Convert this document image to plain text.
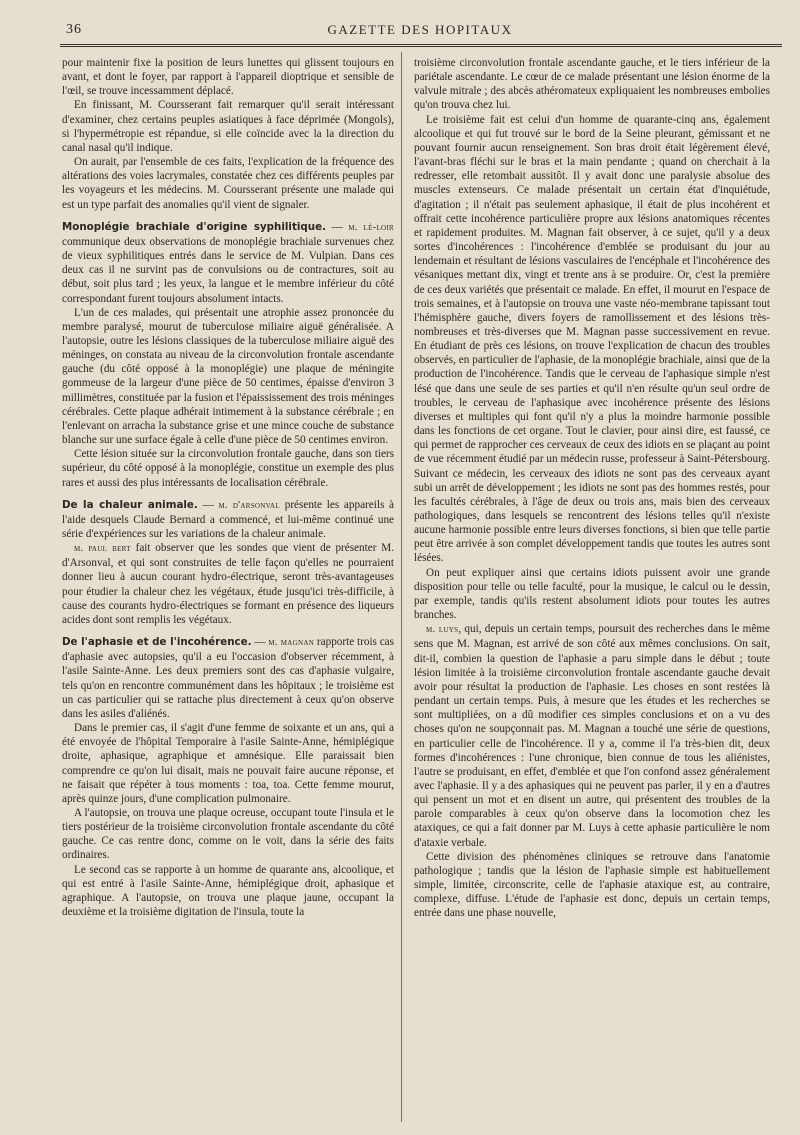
36	GAZETTE DES HOPITAUX

pour maintenir fixe la position de leurs lunettes qui glissent toujours en avant, et dont le foyer, par rapport à l'appareil dioptrique et sensible de l'œil, se trouve incessamment déplacé.

En finissant, M. Coursserant fait remarquer qu'il serait intéressant d'examiner, chez certains peuples asiatiques à face déprimée (Mongols), si l'hypermétropie est répandue, si elle coïncide avec la la direction du canal nasal qu'il indique.

On aurait, par l'ensemble de ces faits, l'explication de la fréquence des altérations des voies lacrymales, constatée chez ces différents peuples par les voyageurs et les médecins. M. Coursserant présente une malade qui est un type parfait des anomalies qu'il vient de signaler.

Monoplégie brachiale d'origine syphilitique. — m. lé-loir communique deux observations de monoplégie brachiale survenues chez de vieux syphilitiques entrés dans le service de M. Vulpian. Dans ces deux cas il ne survint pas de convulsions ou de contractures, soit au début, soit plus tard ; les yeux, la langue et le membre inférieur du côté correspondant furent toujours absolument intacts.

L'un de ces malades, qui présentait une atrophie assez prononcée du membre paralysé, mourut de tuberculose miliaire aiguë généralisée. A l'autopsie, outre les lésions classiques de la tuberculose miliaire aiguë des méninges, on constata au niveau de la circonvolution frontale ascendante gauche (du côté opposé à la monoplégie) une plaque de méningite gommeuse de la largeur d'une pièce de 50 centimes, épaisse d'environ 3 millimètres, constituée par la fusion et l'épaississement des trois méninges cérébrales. Cette plaque adhérait intimement à la substance cérébrale ; en l'enlevant on arracha la substance grise et une mince couche de substance blanche sur une surface égale à celle d'une pièce de 50 centimes environ.

Cette lésion située sur la circonvolution frontale gauche, dans son tiers supérieur, du côté opposé à la monoplégie, constitue un exemple des plus rares et aussi des plus intéressants de localisation cérébrale.

De la chaleur animale. — m. d'arsonval présente les appareils à l'aide desquels Claude Bernard a commencé, et lui-même continué une série d'expériences sur les variations de la chaleur animale.

m. paul bert fait observer que les sondes que vient de présenter M. d'Arsonval, et qui sont construites de telle façon qu'elles ne pourraient donner lieu à aucun courant hydro-électrique, seront très-avantageuses pour étudier la chaleur chez les végétaux, étude jusqu'ici très-difficile, à cause des courants hydro-électriques se formant en présence des liqueurs acides dont sont remplis les végétaux.

De l'aphasie et de l'incohérence. — m. magnan rapporte trois cas d'aphasie avec autopsies, qu'il a eu l'occasion d'observer récemment, à l'asile Sainte-Anne. Les deux premiers sont des cas d'aphasie vulgaire, tels qu'on en rencontre communément dans les hôpitaux ; le troisième est un cas particulier qui se rattache plus directement à ceux qu'on observe dans les asiles d'aliénés.

Dans le premier cas, il s'agit d'une femme de soixante et un ans, qui a été envoyée de l'hôpital Temporaire à l'asile Sainte-Anne, hémiplégique droite, aphasique, agraphique et amnésique. Elle paraissait bien comprendre ce qu'on lui disait, mais ne pouvait faire aucune réponse, et ne faisait que répéter à tous moments : toa, toa. Cette femme mourut, après quinze jours, d'une complication pulmonaire.

A l'autopsie, on trouva une plaque ocreuse, occupant toute l'insula et le tiers postérieur de la troisième circonvolution frontale ascendante du côté gauche. Ce cas rentre donc, comme on le voit, dans la série des faits ordinaires.

Le second cas se rapporte à un homme de quarante ans, alcoolique, et qui est entré à l'asile Sainte-Anne, hémiplégique droit, aphasique et agraphique. A l'autopsie, on trouva une plaque jaune, occupant la deuxième et la troisième digitation de l'insula, toute la

troisième circonvolution frontale ascendante gauche, et le tiers inférieur de la pariétale ascendante. Le cœur de ce malade présentant une lésion énorme de la valvule mitrale ; des abcès athéromateux expliquaient les nombreuses embolies qu'on trouva chez lui.

Le troisième fait est celui d'un homme de quarante-cinq ans, également alcoolique et qui fut trouvé sur le bord de la Seine pleurant, gémissant et ne pouvant fournir aucun renseignement. Son bras droit était légèrement élevé, l'avant-bras fléchi sur le bras et la main pendante ; quand on cherchait à la redresser, elle retombait aussitôt. Il y avait donc une paralysie absolue des muscles extenseurs. Ce malade présentait un certain état d'inquiétude, d'agitation ; il n'était pas seulement aphasique, il était de plus incohérent et offrait cette incohérence particulière propre aux lésions anatomiques récentes et rapidement produites. M. Magnan fait observer, à ce sujet, qu'il y a deux sortes d'incohérences : l'incohérence d'emblée se produisant du jour au lendemain et résultant de lésions vasculaires de l'encéphale et l'incohérence des vésaniques mettant dix, vingt et trente ans à se produire. Or, c'est la première de ces deux variétés que présentait ce malade. En effet, il mourut en l'espace de trois semaines, et à l'autopsie on trouva une vaste néo-membrane tapissant tout l'hémisphère gauche, divers foyers de ramollissement et des lésions très-nombreuses et très-diverses que M. Magnan passe successivement en revue. En étudiant de près ces lésions, on trouve l'explication de chacun des troubles observés, en particulier de l'aphasie, de la monoplégie brachiale, ainsi que de la production de l'incohérence. Tandis que le cerveau de l'aphasique simple n'est lésé que dans une seule de ses parties et qu'il n'en résulte qu'un seul ordre de troubles, le cerveau de l'aphasique avec incohérence présente des lésions diverses et multiples qui font qu'il n'y a plus la moindre harmonie possible dans les fonctions de cet organe. Tout le clavier, pour ainsi dire, est faussé, ce qui permet de rapprocher ces cerveaux de ceux des idiots en se plaçant au point de vue récemment étudié par un médecin russe, professeur à Saint-Pétersbourg. Suivant ce médecin, les cerveaux des idiots ne sont pas des cerveaux ayant subi un arrêt de développement ; les idiots ne sont pas des hommes restés, pour les facultés cérébrales, à l'âge de deux ou trois ans, mais bien des cerveaux pathologiques, dans lesquels se rencontrent des lésions telles qu'il n'existe aucune harmonie possible entre leurs diverses fonctions, si bien que telle partie peut être arrivée à son complet développement tandis que toutes les autres sont lésées.

On peut expliquer ainsi que certains idiots puissent avoir une grande disposition pour telle ou telle faculté, pour la musique, le calcul ou le dessin, par exemple, tandis qu'ils restent absolument idiots pour toutes les autres branches.

m. luys, qui, depuis un certain temps, poursuit des recherches dans le même sens que M. Magnan, est arrivé de son côté aux mêmes conclusions. On sait, dit-il, combien la question de l'aphasie a paru simple dans le début ; toute lésion limitée à la troisième circonvolution frontale ascendante gauche devait avoir pour résultat la production de l'aphasie. Les choses en sont restées là pendant un certain temps. Puis, à mesure que les études et les recherches se sont multipliées, on a dû modifier ces simples conclusions et on a vu des choses qu'on ne soupçonnait pas. M. Magnan a touché une série de questions, en particulier celle de l'incohérence. Il y a, comme il l'a très-bien dit, deux formes d'incohérences : l'une chronique, bien connue de tous les aliénistes, l'autre se produisant, en effet, d'emblée et que l'on confond assez généralement avec l'aphasie. Il y a des aphasiques qui ne peuvent pas parler, il y en a d'autres qui pensent un mot et en disent un autre, qui présentent des troubles de la parole comparables à ceux qu'on observe dans la locomotion chez les ataxiques, ce qui a fait donner par M. Luys à cette aphasie particulière le nom d'ataxie verbale.

Cette division des phénomènes cliniques se retrouve dans l'anatomie pathologique ; tandis que la lésion de l'aphasie simple est habituellement simple, limitée, circonscrite, celle de l'aphasie ataxique est, au contraire, complexe, diffuse. L'étude de l'aphasie est donc, depuis un certain temps, entrée dans une phase nouvelle,
